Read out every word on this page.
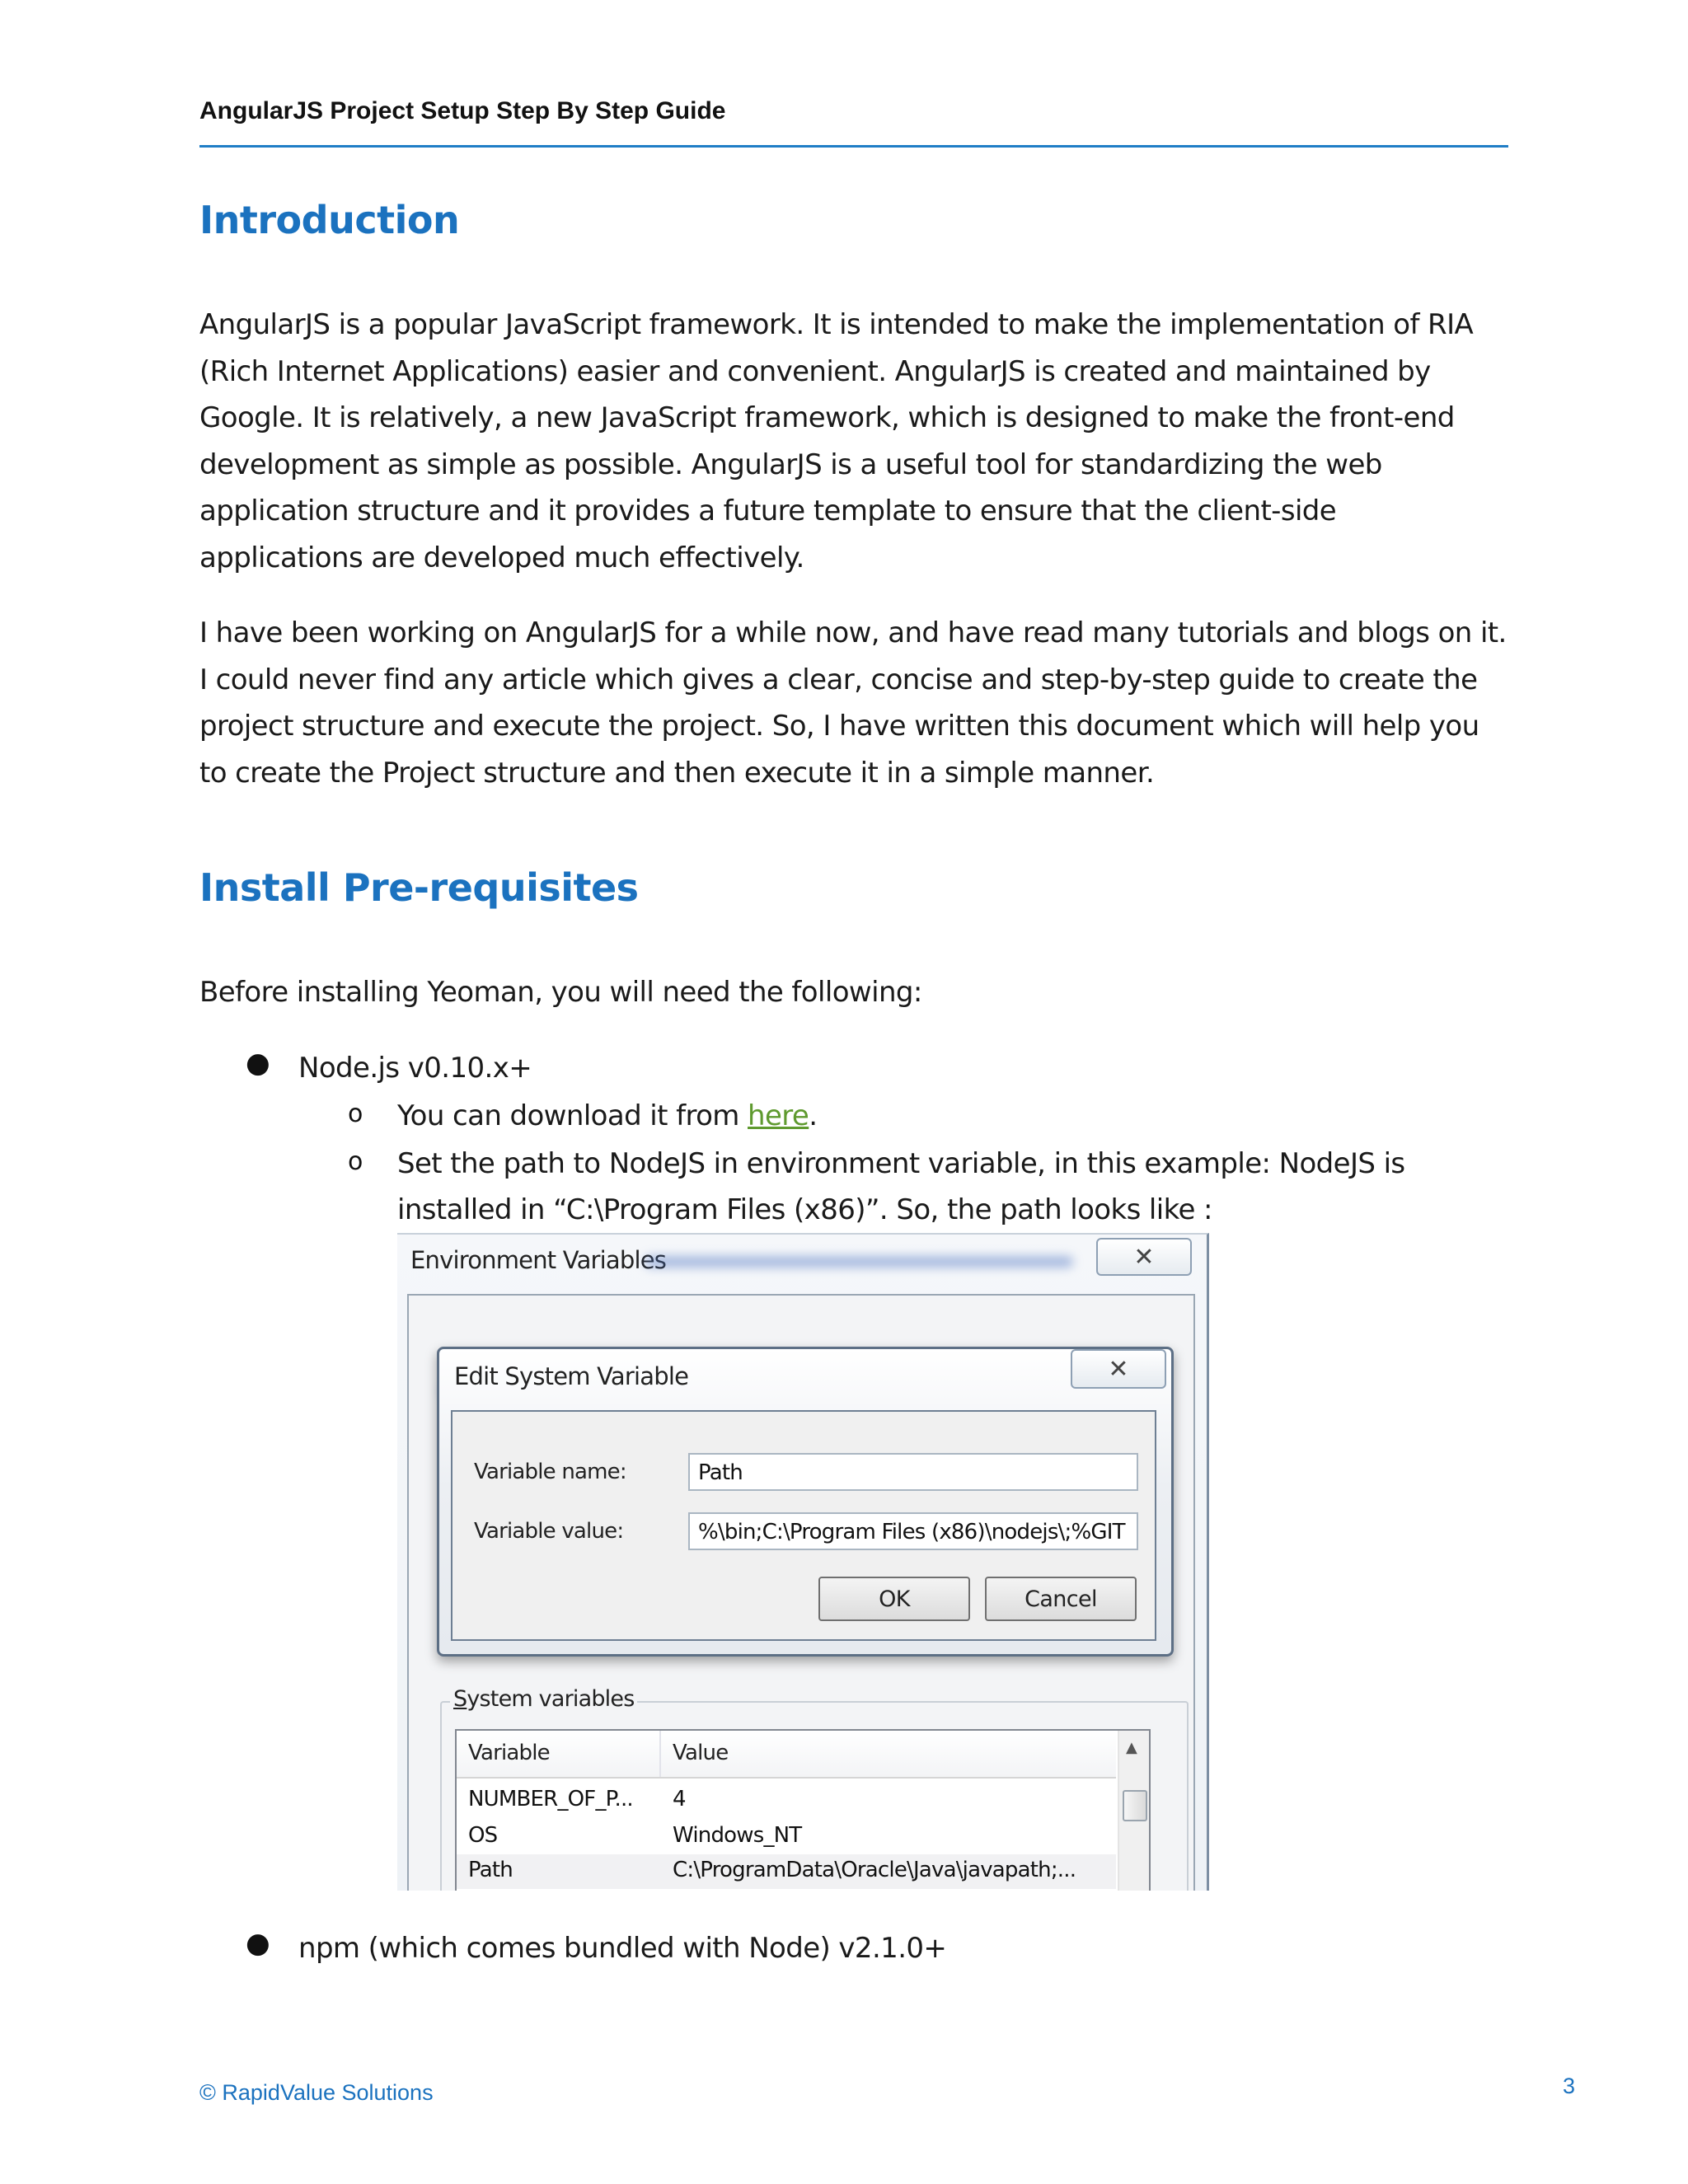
AngularJS Project Setup Step By Step Guide
Introduction
AngularJS is a popular JavaScript framework. It is intended to make the implementation of RIA
(Rich Internet Applications) easier and convenient. AngularJS is created and maintained by
Google. It is relatively, a new JavaScript framework, which is designed to make the front-end
development as simple as possible. AngularJS is a useful tool for standardizing the web
application structure and it provides a future template to ensure that the client-side
applications are developed much effectively.
I have been working on AngularJS for a while now, and have read many tutorials and blogs on it.
I could never find any article which gives a clear, concise and step-by-step guide to create the
project structure and execute the project. So, I have written this document which will help you
to create the Project structure and then execute it in a simple manner.
Install Pre-requisites
Before installing Yeoman, you will need the following:
● Node.js v0.10.x+
o You can download it from here.
o Set the path to NodeJS in environment variable, in this example: NodeJS is
installed in “C:\Program Files (x86)”. So, the path looks like :
Environment Variables	✕
Edit System Variable	✕
Variable name:	Path
Variable value:	%\bin;C:\Program Files (x86)\nodejs\;%GIT
OK	Cancel
System variables
Variable	Value
NUMBER_OF_P... 4
OS	Windows_NT
Path	C:\ProgramData\Oracle\Java\javapath;...
▲
● npm (which comes bundled with Node) v2.1.0+
© RapidValue Solutions	3
